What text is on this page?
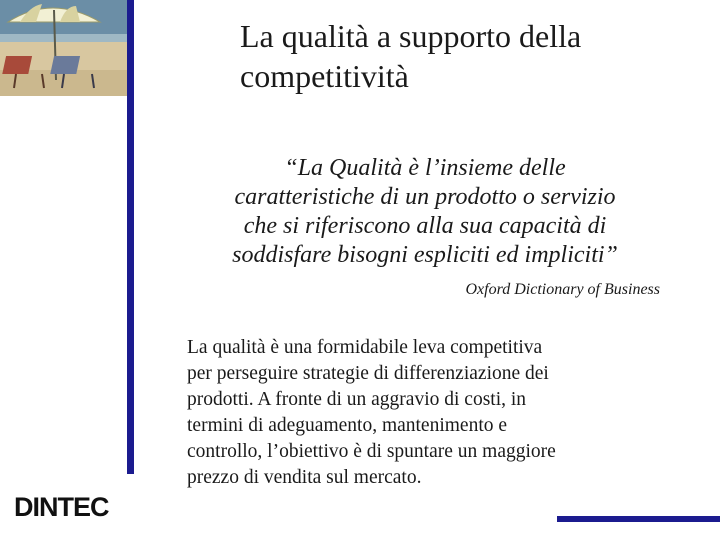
DINTEC
La qualità a supporto della
competitività
“La Qualità è l’insieme delle
caratteristiche di un prodotto o servizio
che si riferiscono alla sua capacità di
soddisfare bisogni espliciti ed impliciti”
Oxford Dictionary of Business
La qualità è una formidabile leva competitiva
per perseguire strategie di differenziazione dei
prodotti. A fronte di un aggravio di costi, in
termini di adeguamento, mantenimento e
controllo, l’obiettivo è di spuntare un maggiore
prezzo di vendita sul mercato.
